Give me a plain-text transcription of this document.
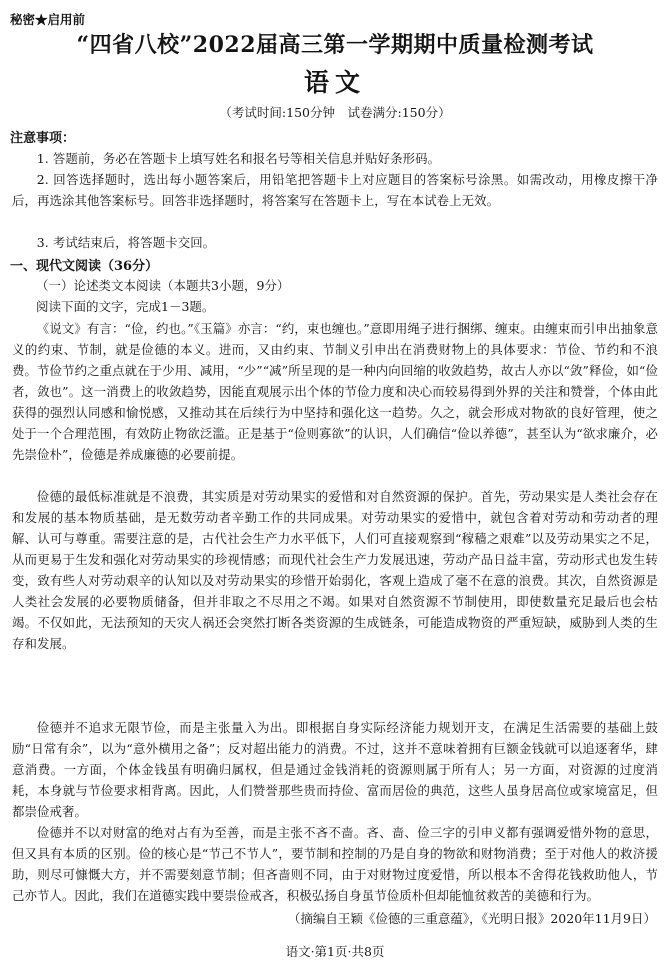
秘密★启用前
“四省八校”2022届高三第一学期期中质量检测考试
语文
（考试时间:150分钟　试卷满分:150分）
注意事项：
1. 答题前，务必在答题卡上填写姓名和报名号等相关信息并贴好条形码。
2. 回答选择题时，选出每小题答案后，用铅笔把答题卡上对应题目的答案标号涂黑。如需改动，用橡皮擦干净后，再选涂其他答案标号。回答非选择题时，将答案写在答题卡上，写在本试卷上无效。
3. 考试结束后，将答题卡交回。
一、现代文阅读（36分）
（一）论述类文本阅读（本题共3小题，9分）
阅读下面的文字，完成1－3题。
《说文》有言：“俭，约也。”《玉篇》亦言：“约，束也缠也。”意即用绳子进行捆绑、缠束。由缠束而引申出抽象意义的约束、节制，就是俭德的本义。进而，又由约束、节制义引申出在消费财物上的具体要求：节俭、节约和不浪费。节俭节约之重点就在于少用、减用，“少”“减”所呈现的是一种内向回缩的收敛趋势，故古人亦以“敛”释俭，如“俭者，敛也”。这一消费上的收敛趋势，因能直观展示出个体的节俭力度和决心而较易得到外界的关注和赞誉，个体由此获得的强烈认同感和愉悦感，又推动其在后续行为中坚持和强化这一趋势。久之，就会形成对物欲的良好管理，使之处于一个合理范围，有效防止物欲泛滥。正是基于“俭则寡欲”的认识，人们确信“俭以养德”，甚至认为“欲求廉介，必先崇俭朴”，俭德是养成廉德的必要前提。
俭德的最低标准就是不浪费，其实质是对劳动果实的爱惜和对自然资源的保护。首先，劳动果实是人类社会存在和发展的基本物质基础，是无数劳动者辛勤工作的共同成果。对劳动果实的爱惜中，就包含着对劳动和劳动者的理解、认可与尊重。需要注意的是，古代社会生产力水平低下，人们可直接观察到“稼穑之艰难”以及劳动果实之不足，从而更易于生发和强化对劳动果实的珍视情感；而现代社会生产力发展迅速，劳动产品日益丰富，劳动形式也发生转变，致有些人对劳动艰辛的认知以及对劳动果实的珍惜开始弱化，客观上造成了毫不在意的浪费。其次，自然资源是人类社会发展的必要物质储备，但并非取之不尽用之不竭。如果对自然资源不节制使用，即使数量充足最后也会枯竭。不仅如此，无法预知的天灾人祸还会突然打断各类资源的生成链条，可能造成物资的严重短缺，威胁到人类的生存和发展。
俭德并不追求无限节俭，而是主张量入为出。即根据自身实际经济能力规划开支，在满足生活需要的基础上鼓励“日常有余”，以为“意外横用之备”；反对超出能力的消费。不过，这并不意味着拥有巨额金钱就可以追逐奢华，肆意消费。一方面，个体金钱虽有明确归属权，但是通过金钱消耗的资源则属于所有人；另一方面，对资源的过度消耗，本身就与节俭要求相背离。因此，人们赞誉那些贵而持俭、富而居俭的典范，这些人虽身居高位或家境富足，但都崇俭戒奢。
俭德并不以对财富的绝对占有为至善，而是主张不吝不啬。吝、啬、俭三字的引申义都有强调爱惜外物的意思，但又具有本质的区别。俭的核心是“节己不节人”，要节制和控制的乃是自身的物欲和财物消费；至于对他人的救济援助，则尽可慷慨大方，并不需要刻意节制；但吝啬则不同，由于对财物过度爱惜，所以根本不舍得花钱救助他人，节己亦节人。因此，我们在道德实践中要崇俭戒吝，积极弘扬自身虽节俭质朴但却能恤贫救苦的美德和行为。
（摘编自王颖《俭德的三重意蕴》，《光明日报》2020年11月9日）
语文·第1页·共8页
